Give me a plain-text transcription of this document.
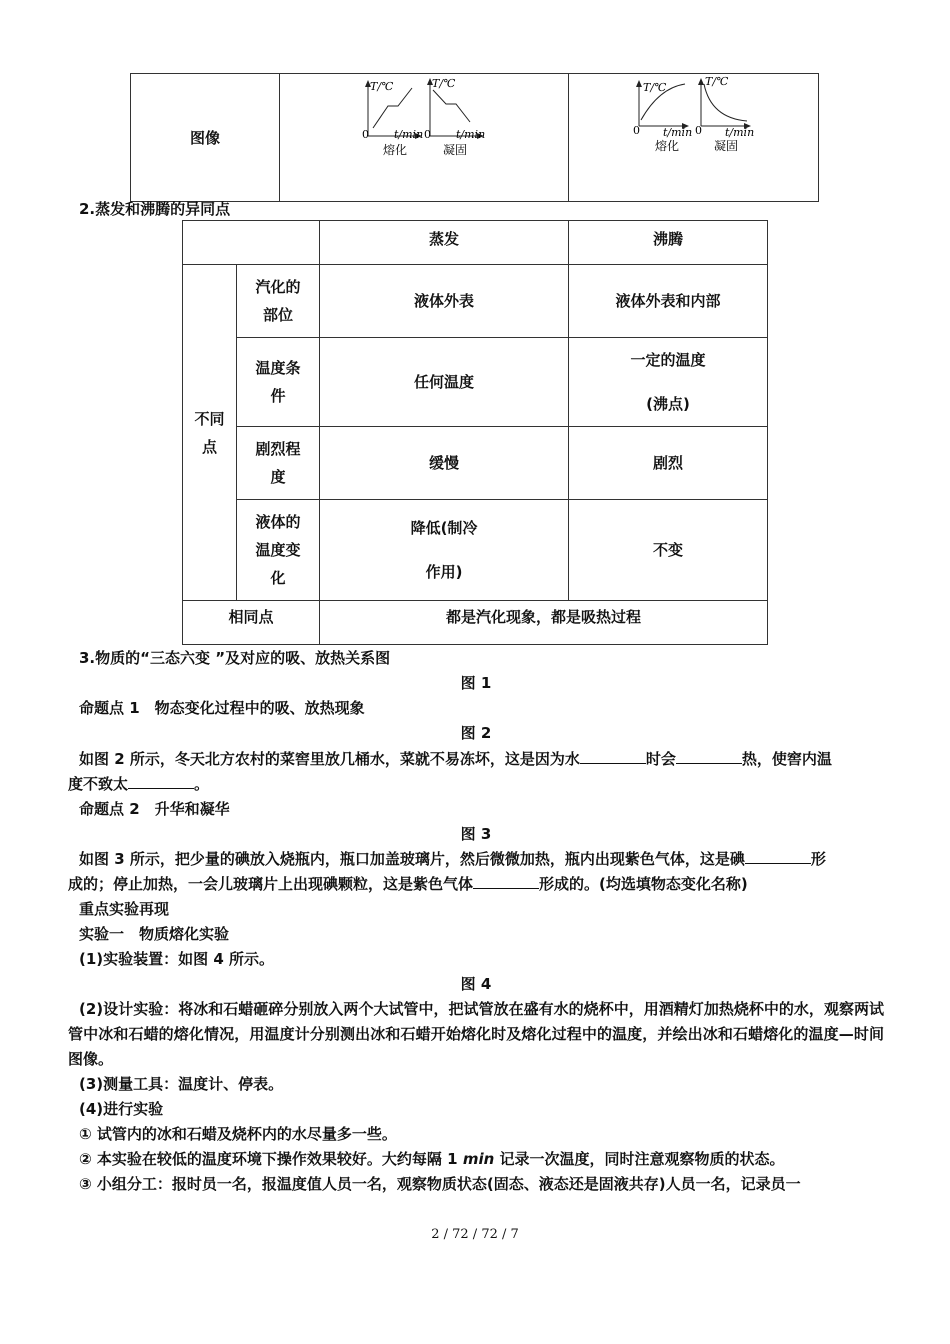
图像	
T/℃
0 t/min
熔化
T/℃
0 t/min
凝固

T/℃
0 t/min
熔化
T/℃
0 t/min
凝固
2.蒸发和沸腾的异同点
		蒸发	沸腾

不同点	汽化的部位	液体外表	液体外表和内部

	温度条件	任何温度	一定的温度
(沸点)

	剧烈程度	缓慢	剧烈

	液体的温度变化	降低(制冷
作用)	不变
相同点		都是汽化现象，都是吸热过程	
3.物质的“三态六变 ”及对应的吸、放热关系图
图 1
命题点 1　物态变化过程中的吸、放热现象
图 2
如图 2 所示，冬天北方农村的菜窖里放几桶水，菜就不易冻坏，这是因为水	时会	热，使窖内温
度不致太	。
命题点 2　升华和凝华
图 3
如图 3 所示，把少量的碘放入烧瓶内，瓶口加盖玻璃片，然后微微加热，瓶内出现紫色气体，这是碘	形
成的；停止加热，一会儿玻璃片上出现碘颗粒，这是紫色气体	形成的。(均选填物态变化名称)
重点实验再现
实验一　物质熔化实验
(1)实验装置：如图 4 所示。
图 4
(2)设计实验：将冰和石蜡砸碎分别放入两个大试管中，把试管放在盛有水的烧杯中，用酒精灯加热烧杯中的水，观察两试管中冰和石蜡的熔化情况，用温度计分别测出冰和石蜡开始熔化时及熔化过程中的温度，并绘出冰和石蜡熔化的温度—时间图像。
(3)测量工具：温度计、停表。
(4)进行实验
① 试管内的冰和石蜡及烧杯内的水尽量多一些。
② 本实验在较低的温度环境下操作效果较好。大约每隔 1 min 记录一次温度，同时注意观察物质的状态。
③ 小组分工：报时员一名，报温度值人员一名，观察物质状态(固态、液态还是固液共存)人员一名，记录员一
2 / 72 / 72 / 7
